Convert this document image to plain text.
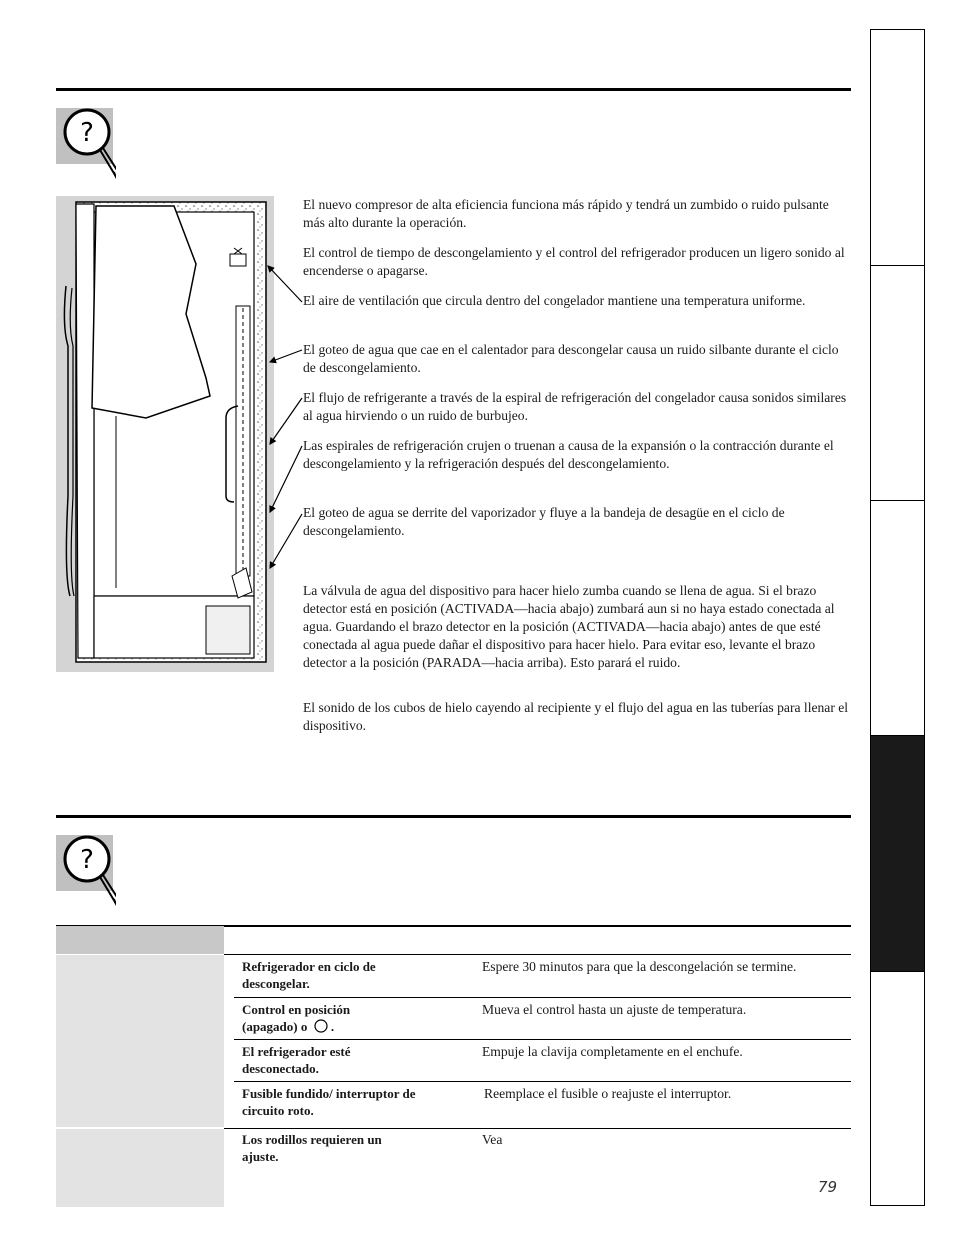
?
El nuevo compresor de alta eficiencia funciona más rápido y tendrá un zumbido o ruido pulsante más alto durante la operación.
El control de tiempo de descongelamiento y el control del refrigerador producen un ligero sonido al encenderse o apagarse.
El aire de ventilación que circula dentro del congelador mantiene una temperatura uniforme.
El goteo de agua que cae en el calentador para descongelar causa un ruido silbante durante el ciclo de descongelamiento.
El flujo de refrigerante a través de la espiral de refrigeración del congelador causa sonidos similares al agua hirviendo o un ruido de burbujeo.
Las espirales de refrigeración crujen o truenan a causa de la expansión o la contracción durante el descongelamiento y la refrigeración después del descongelamiento.
El goteo de agua se derrite del vaporizador y fluye a la bandeja de desagüe en el ciclo de descongelamiento.
La válvula de agua del dispositivo para hacer hielo zumba cuando se llena de agua. Si el brazo detector está en posición (ACTIVADA—hacia abajo) zumbará aun si no haya estado conectada al agua. Guardando el brazo detector en la posición (ACTIVADA—hacia abajo) antes de que esté conectada al agua puede dañar el dispositivo para hacer hielo. Para evitar eso, levante el brazo detector a la posición (PARADA—hacia arriba). Esto parará el ruido.
El sonido de los cubos de hielo cayendo al recipiente y el flujo del agua en las tuberías para llenar el dispositivo.
?
Refrigerador en ciclo de descongelar.
Espere 30 minutos para que la descongelación se termine.
Control en posición (apagado) o .
Mueva el control hasta un ajuste de temperatura.
El refrigerador esté desconectado.
Empuje la clavija completamente en el enchufe.
Fusible fundido/ interruptor de circuito roto.
Reemplace el fusible o reajuste el interruptor.
Los rodillos requieren un ajuste.
Vea
79
